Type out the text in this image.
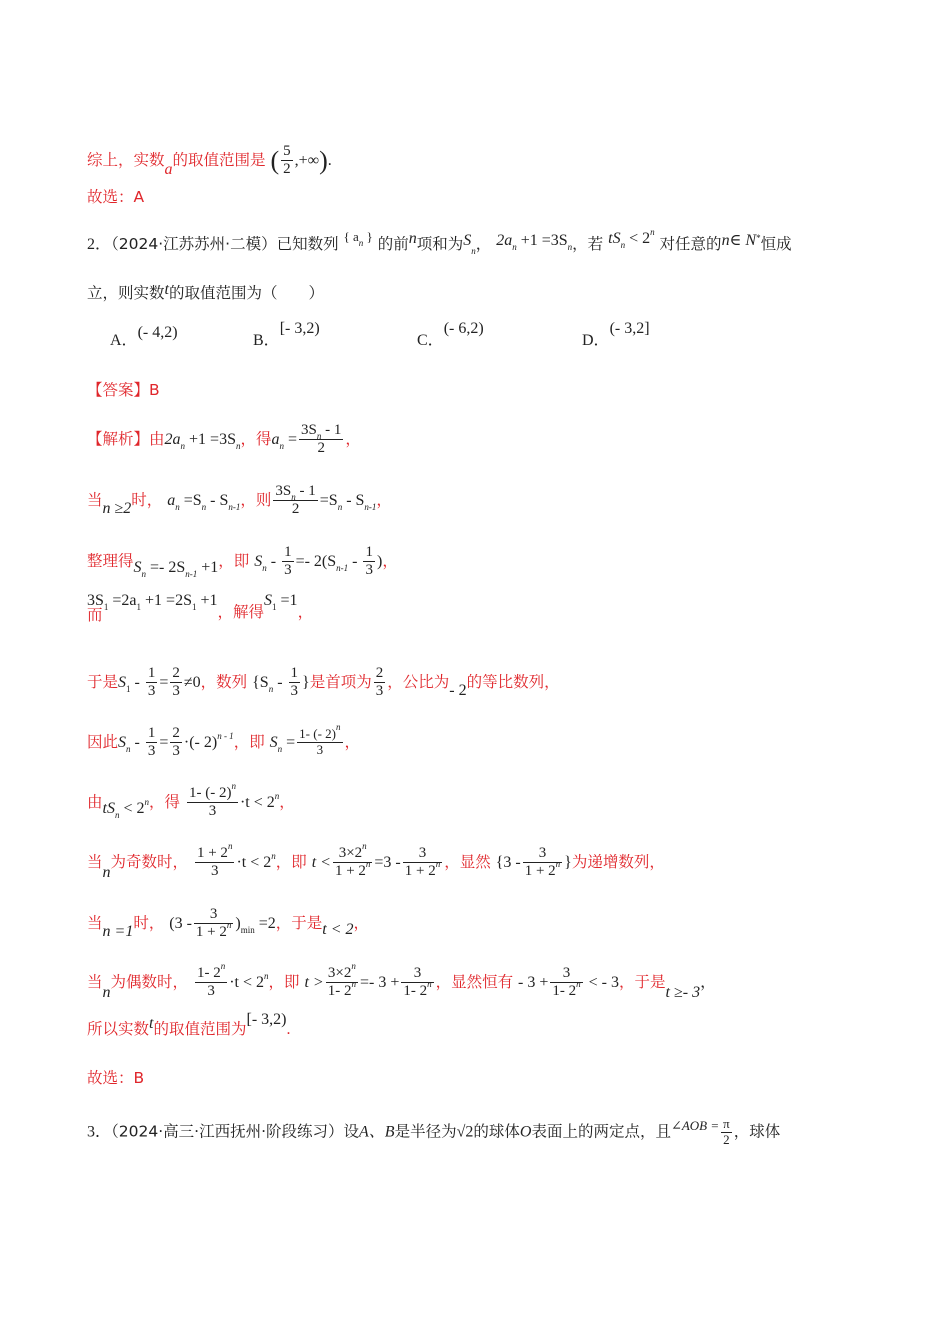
综上，实数a的取值范围是 ( $\frac{5}{2}$ ,+∞).
故选：A
2．（2024·江苏苏州·二模）已知数列 $^{\{ a_n \}}$ 的前n项和为$S_n$， $2a_n +1 =3S_n$，若 $tS_n < 2^n$ 对任意的n∈ N*恒成
立，则实数t的取值范围为（　　）
A．(- 4,2)	B．[- 3,2)
C．(- 6,2)
D．(- 3,2]
【答案】B
【解析】由$2a_n +1 =3S_n$，得$a_n = \frac{3S_n - 1}{2}$ ，
当n ≥2时， $a_n =S_n - S_{n-1}$，则 $\frac{3S_n - 1}{2} =S_n - S_{n-1}$，
整理得$S_n =- 2S_{n-1} +1$，即 $S_n - \frac{1}{3} =- 2(S_{n-1} - \frac{1}{3}$ )，
$3S_1 =2a_1 +1 =2S_1 +1$，解得$S_1 =1$，
而
于是$S_1 - \frac{1}{3} = \frac{2}{3} \ne 0$，数列 {$S_n - \frac{1}{3}$ }是首项为 $\frac{2}{3}$ ，公比为- 2的等比数列，
因此$S_n - \frac{1}{3} = \frac{2}{3}$ ·(- 2)$^{n - 1}$，即 $S_n = \frac{1- (- 2)^n}{3}$ ，
由$tS_n < 2^n$，得 $\frac{1- (- 2)^n}{3} \cdot t < 2^n$，
当n为奇数时， $\frac{1 + 2^n}{3} \cdot t < 2^n$，即 $t < \frac{3\times 2^n}{1 + 2^n} =3 - \frac{3}{1 + 2^n}$ ，显然 {$3 - \frac{3}{1 + 2^n}$ }为递增数列，
当n =1时， $(3 - \frac{3}{1 + 2^n} )_{min} =2$，于是t < 2，
当n为偶数时， $\frac{1- 2^n}{3} \cdot t < 2^n$，即 $t > \frac{3\times 2^n}{1- 2^n} =- 3 + \frac{3}{1- 2^n}$ ，显然恒有 - $3 + \frac{3}{1- 2^n}$ < - 3，于是t ≥- 3，
所以实数t的取值范围为[- 3,2).
故选：B
3．（2024·高三·江西抚州·阶段练习）设A、B是半径为√2的球体O表面上的两定点，且$^{\angle AOB =} \frac{\pi}{2}$ ，球体
